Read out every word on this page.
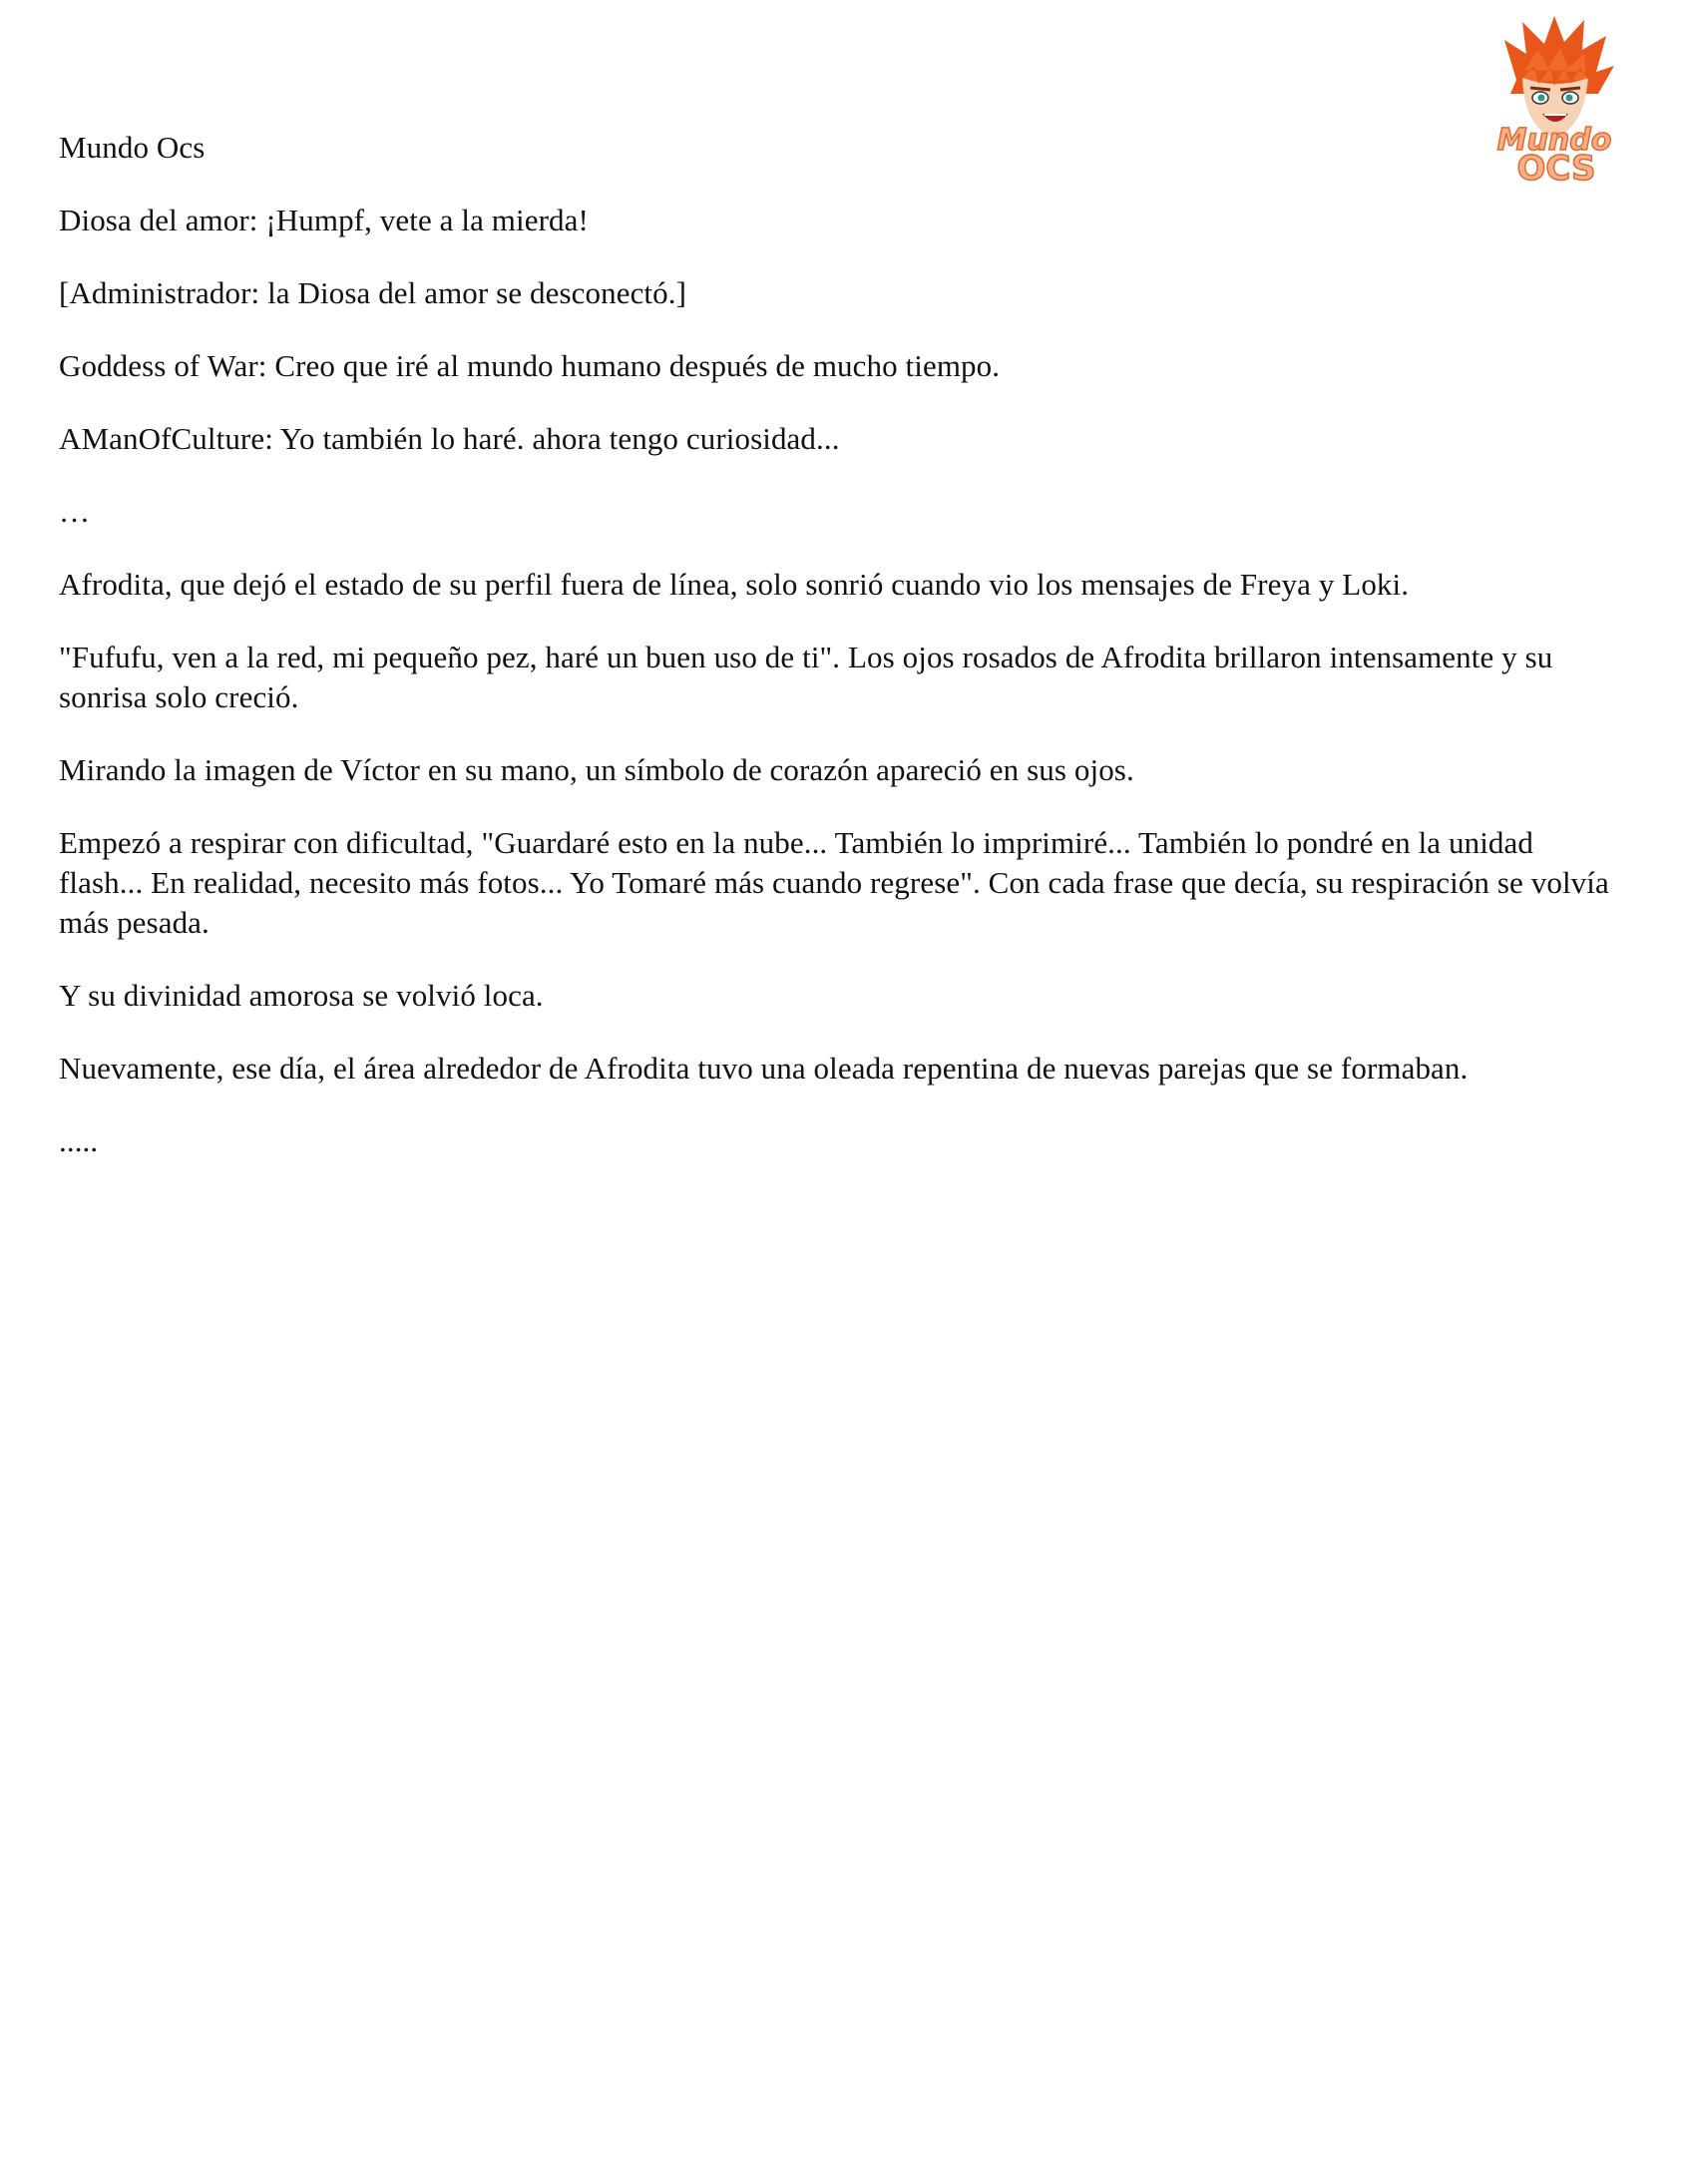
Mundo
OCS

Mundo Ocs

Diosa del amor: ¡Humpf, vete a la mierda!

[Administrador: la Diosa del amor se desconectó.]

Goddess of War: Creo que iré al mundo humano después de mucho tiempo.

AManOfCulture: Yo también lo haré. ahora tengo curiosidad...

…

Afrodita, que dejó el estado de su perfil fuera de línea, solo sonrió cuando vio los mensajes de Freya y Loki.

"Fufufu, ven a la red, mi pequeño pez, haré un buen uso de ti". Los ojos rosados de Afrodita brillaron intensamente y su sonrisa solo creció.

Mirando la imagen de Víctor en su mano, un símbolo de corazón apareció en sus ojos.

Empezó a respirar con dificultad, "Guardaré esto en la nube... También lo imprimiré... También lo pondré en la unidad flash... En realidad, necesito más fotos... Yo Tomaré más cuando regrese". Con cada frase que decía, su respiración se volvía más pesada.

Y su divinidad amorosa se volvió loca.

Nuevamente, ese día, el área alrededor de Afrodita tuvo una oleada repentina de nuevas parejas que se formaban.

.....
